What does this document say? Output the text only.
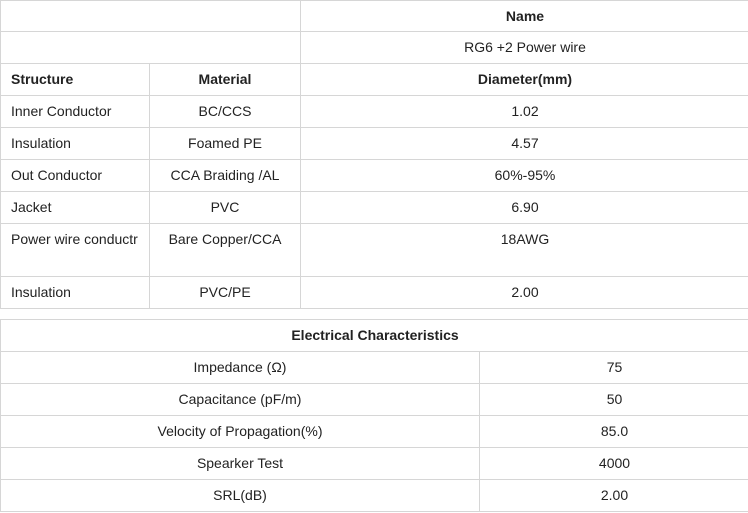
		Name
		RG6 +2 Power wire
Structure	Material	Diameter(mm)
Inner Conductor	BC/CCS	1.02
Insulation	Foamed PE	4.57
Out Conductor	CCA Braiding /AL	60%-95%
Jacket	PVC	6.90
Power wire conductr	Bare Copper/CCA	18AWG
Insulation	PVC/PE	2.00
Electrical Characteristics	
Impedance (Ω)	75
Capacitance (pF/m)	50
Velocity of Propagation(%)	85.0
Spearker Test	4000
SRL(dB)	2.00
